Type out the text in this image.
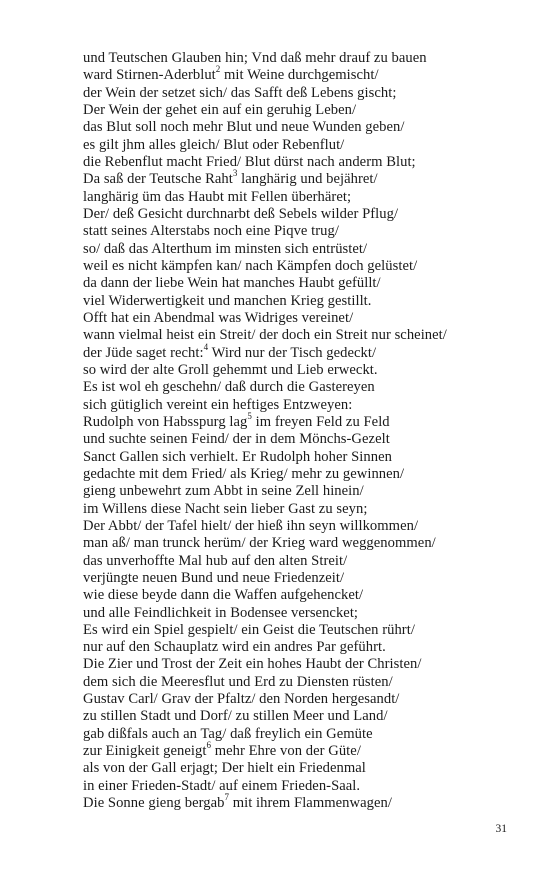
und Teutschen Glauben hin; Vnd daß mehr drauf zu bauen
ward Stirnen-Aderblut$^2$ mit Weine durchgemischt/
der Wein der setzet sich/ das Safft deß Lebens gischt;
Der Wein der gehet ein auf ein geruhig Leben/
das Blut soll noch mehr Blut und neue Wunden geben/
es gilt jhm alles gleich/ Blut oder Rebenflut/
die Rebenflut macht Fried/ Blut dürst nach anderm Blut;
Da saß der Teutsche Raht$^3$ langhärig und bejähret/
langhärig üm das Haubt mit Fellen überhäret;
Der/ deß Gesicht durchnarbt deß Sebels wilder Pflug/
statt seines Alterstabs noch eine Piqve trug/
so/ daß das Alterthum im minsten sich entrüstet/
weil es nicht kämpfen kan/ nach Kämpfen doch gelüstet/
da dann der liebe Wein hat manches Haubt gefüllt/
viel Widerwertigkeit und manchen Krieg gestillt.
Offt hat ein Abendmal was Widriges vereinet/
wann vielmal heist ein Streit/ der doch ein Streit nur scheinet/
der Jüde saget recht:$^4$ Wird nur der Tisch gedeckt/
so wird der alte Groll gehemmt und Lieb erweckt.
Es ist wol eh geschehn/ daß durch die Gastereyen
sich gütiglich vereint ein heftiges Entzweyen:
Rudolph von Habsspurg lag$^5$ im freyen Feld zu Feld
und suchte seinen Feind/ der in dem Mönchs-Gezelt
Sanct Gallen sich verhielt. Er Rudolph hoher Sinnen
gedachte mit dem Fried/ als Krieg/ mehr zu gewinnen/
gieng unbewehrt zum Abbt in seine Zell hinein/
im Willens diese Nacht sein lieber Gast zu seyn;
Der Abbt/ der Tafel hielt/ der hieß ihn seyn willkommen/
man aß/ man trunck herüm/ der Krieg ward weggenommen/
das unverhoffte Mal hub auf den alten Streit/
verjüngte neuen Bund und neue Friedenzeit/
wie diese beyde dann die Waffen aufgehencket/
und alle Feindlichkeit in Bodensee versencket;
Es wird ein Spiel gespielt/ ein Geist die Teutschen rührt/
nur auf den Schauplatz wird ein andres Par geführt.
Die Zier und Trost der Zeit ein hohes Haubt der Christen/
dem sich die Meeresflut und Erd zu Diensten rüsten/
Gustav Carl/ Grav der Pfaltz/ den Norden hergesandt/
zu stillen Stadt und Dorf/ zu stillen Meer und Land/
gab dißfals auch an Tag/ daß freylich ein Gemüte
zur Einigkeit geneigt$^6$ mehr Ehre von der Güte/
als von der Gall erjagt; Der hielt ein Friedenmal
in einer Frieden-Stadt/ auf einem Frieden-Saal.
Die Sonne gieng bergab$^7$ mit ihrem Flammenwagen/
31
